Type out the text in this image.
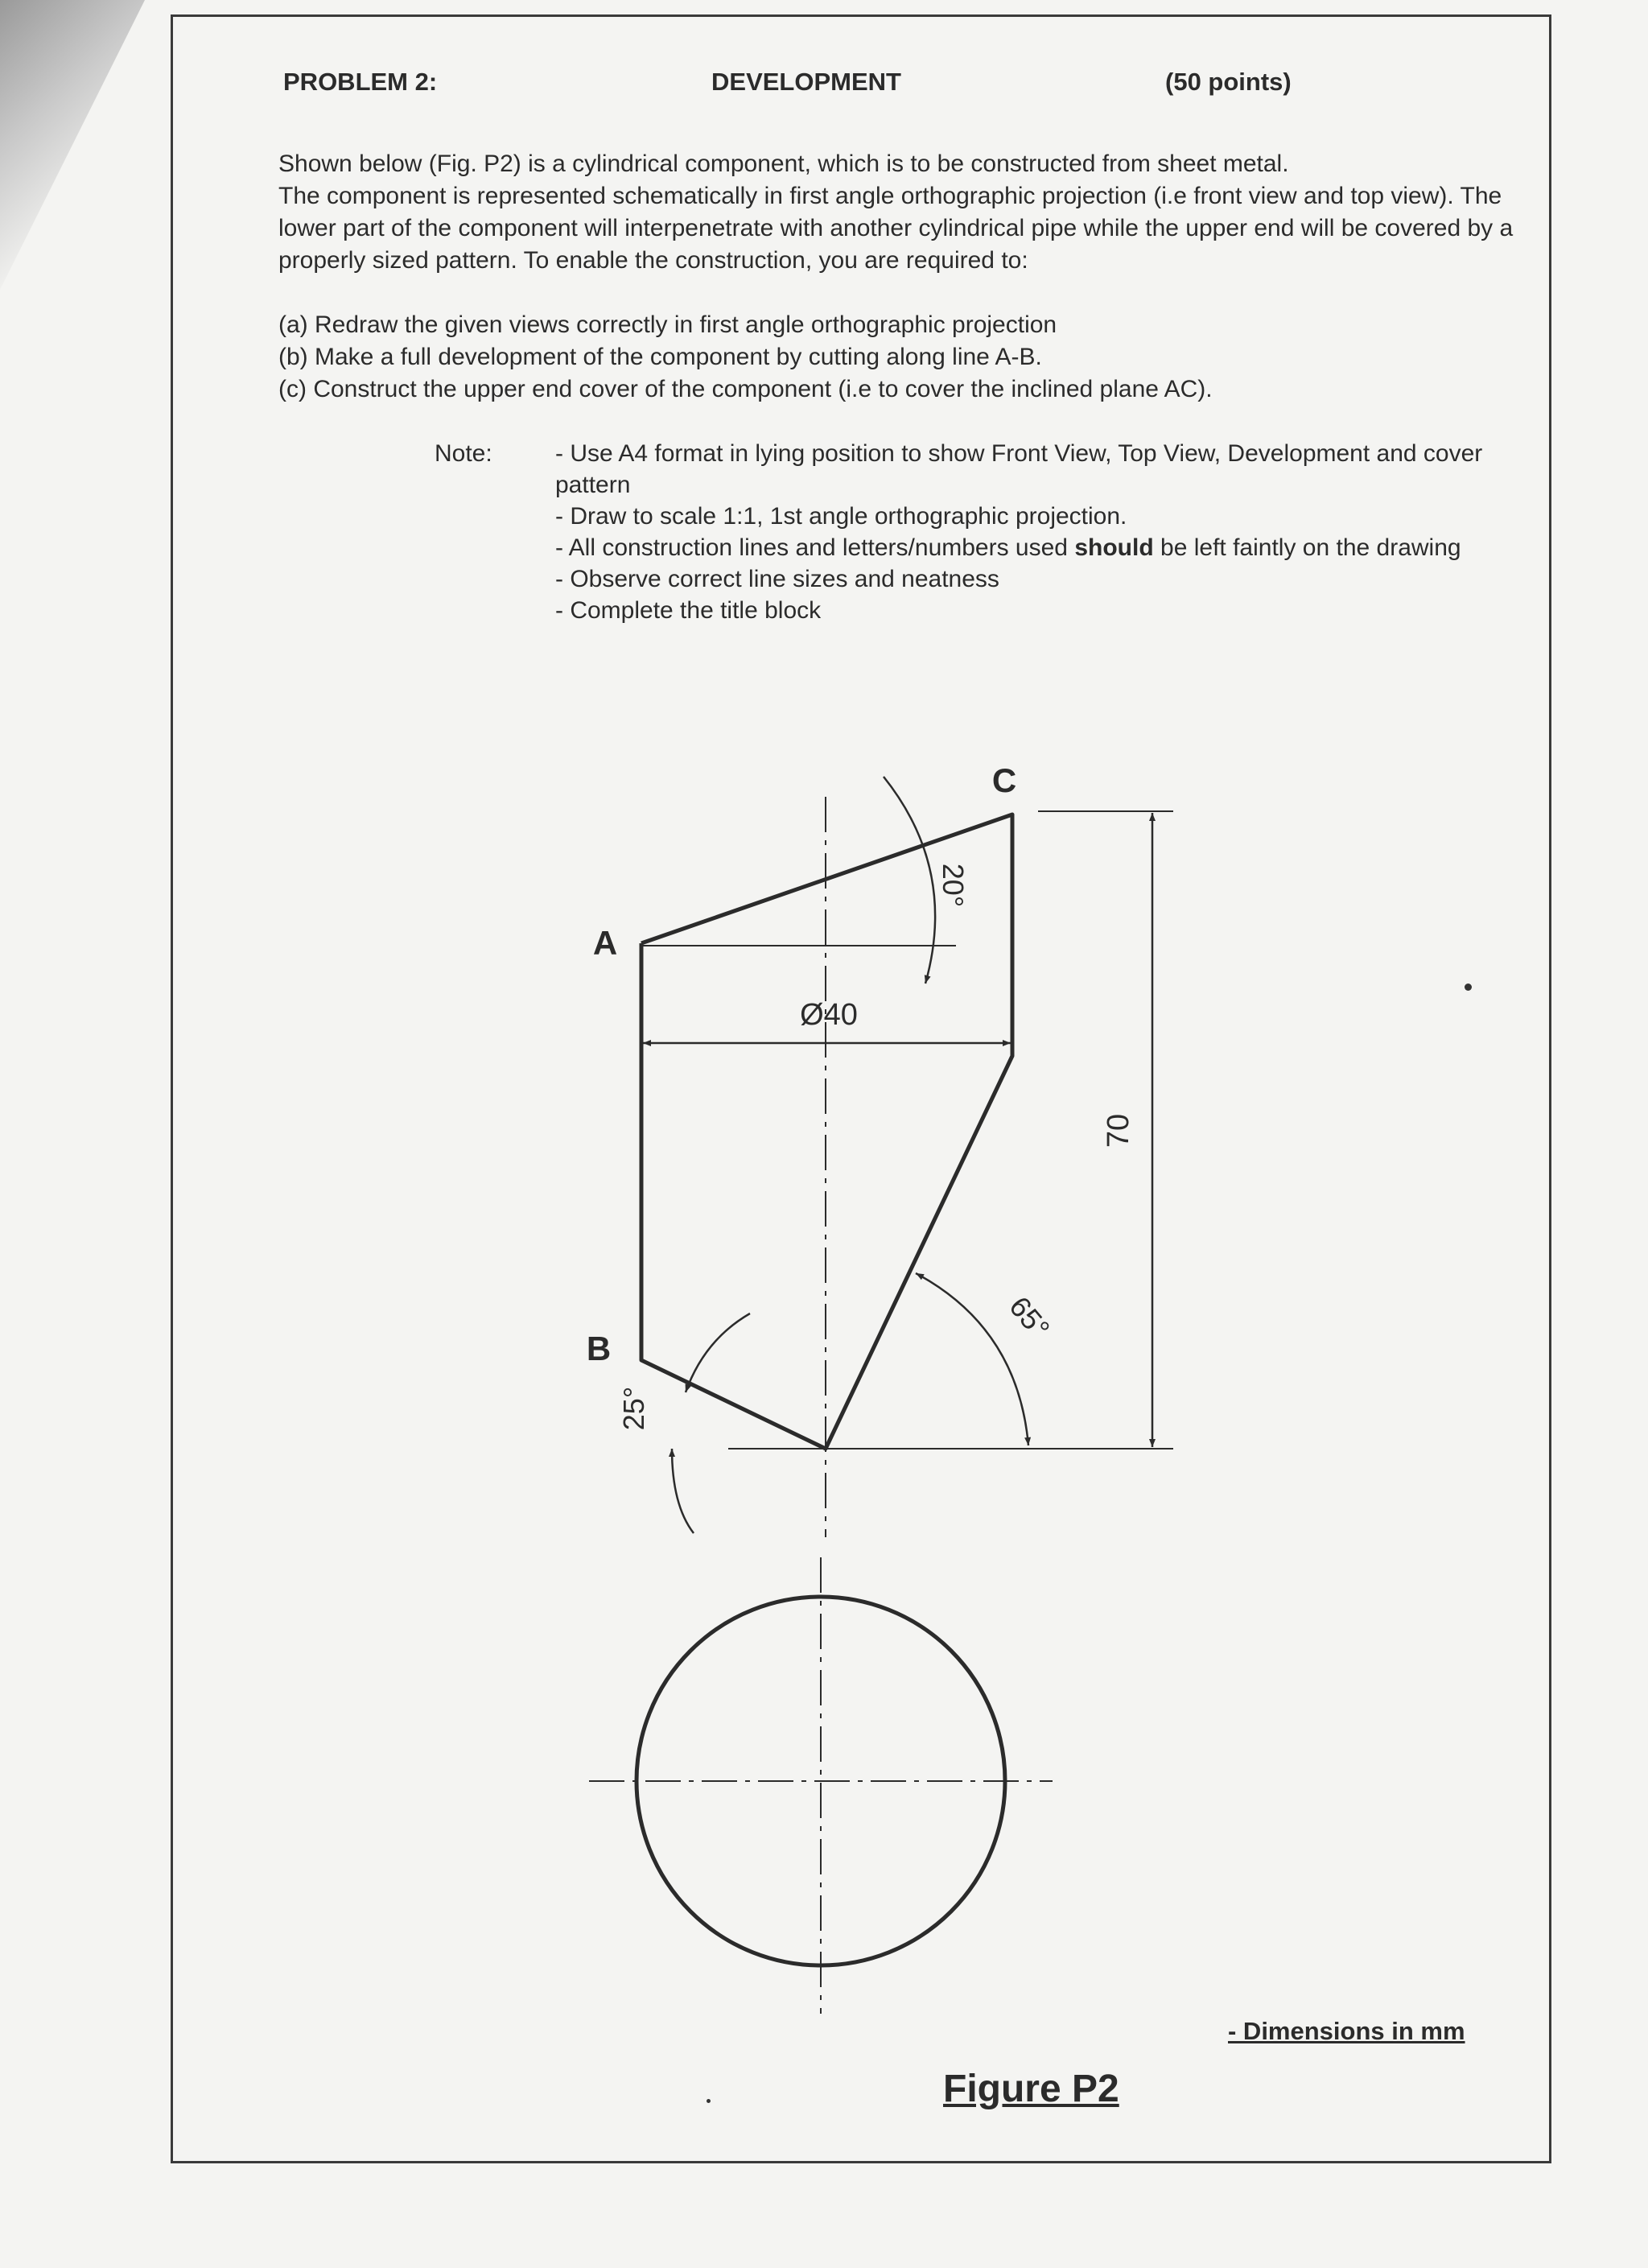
PROBLEM 2:	DEVELOPMENT	(50 points)

Shown below (Fig. P2) is a cylindrical component, which is to be constructed from sheet metal.

The component is represented schematically in first angle orthographic projection (i.e front view and top view). The lower part of the component will interpenetrate with another cylindrical pipe while the upper end will be covered by a properly sized pattern. To enable the construction, you are required to:

(a) Redraw the given views correctly in first angle orthographic projection

(b) Make a full development of the component by cutting along line A-B.

(c) Construct the upper end cover of the component (i.e to cover the inclined plane AC).

Note:	- Use A4 format in lying position to show Front View, Top View, Development and cover pattern
- Draw to scale 1:1, 1st angle orthographic projection.
- All construction lines and letters/numbers used should be left faintly on the drawing
- Observe correct line sizes and neatness
- Complete the title block
70
Ø40
20°
65°
25°
A
B
C
- Dimensions in mm
Figure P2
